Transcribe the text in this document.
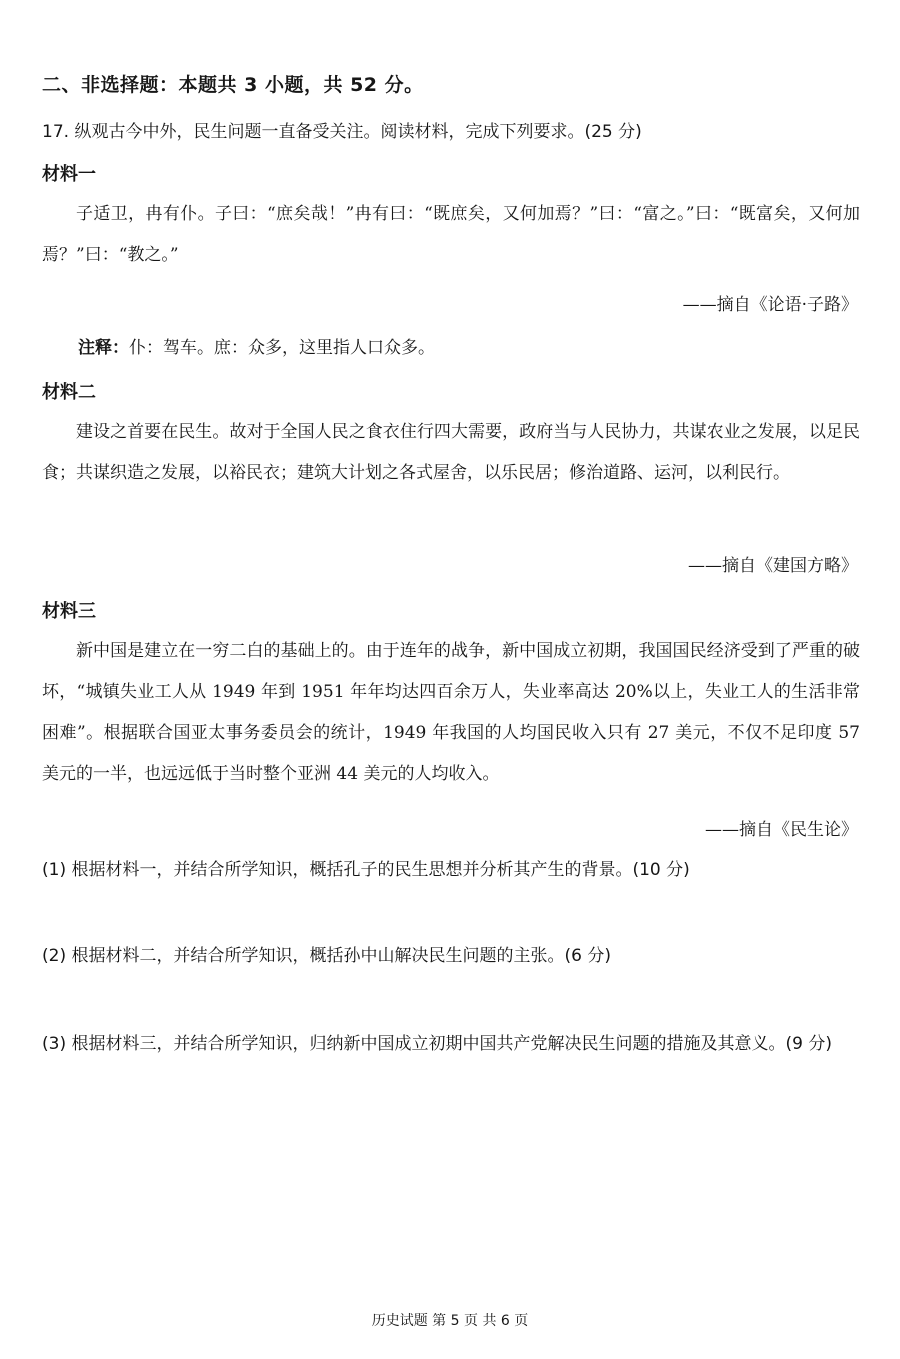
二、非选择题：本题共 3 小题，共 52 分。
17. 纵观古今中外，民生问题一直备受关注。阅读材料，完成下列要求。(25 分)
材料一
子适卫，冉有仆。子曰：“庶矣哉！”冉有曰：“既庶矣，又何加焉？”曰：“富之。”曰：“既富矣，又何加焉？”曰：“教之。”
——摘自《论语·子路》
注释：仆：驾车。庶：众多，这里指人口众多。
材料二
建设之首要在民生。故对于全国人民之食衣住行四大需要，政府当与人民协力，共谋农业之发展，以足民食；共谋织造之发展，以裕民衣；建筑大计划之各式屋舍，以乐民居；修治道路、运河，以利民行。
——摘自《建国方略》
材料三
新中国是建立在一穷二白的基础上的。由于连年的战争，新中国成立初期，我国国民经济受到了严重的破坏，“城镇失业工人从 1949 年到 1951 年年均达四百余万人，失业率高达 20%以上，失业工人的生活非常困难”。根据联合国亚太事务委员会的统计，1949 年我国的人均国民收入只有 27 美元，不仅不足印度 57 美元的一半，也远远低于当时整个亚洲 44 美元的人均收入。
——摘自《民生论》
(1) 根据材料一，并结合所学知识，概括孔子的民生思想并分析其产生的背景。(10 分)
(2) 根据材料二，并结合所学知识，概括孙中山解决民生问题的主张。(6 分)
(3) 根据材料三，并结合所学知识，归纳新中国成立初期中国共产党解决民生问题的措施及其意义。(9 分)
历史试题 第 5 页 共 6 页
